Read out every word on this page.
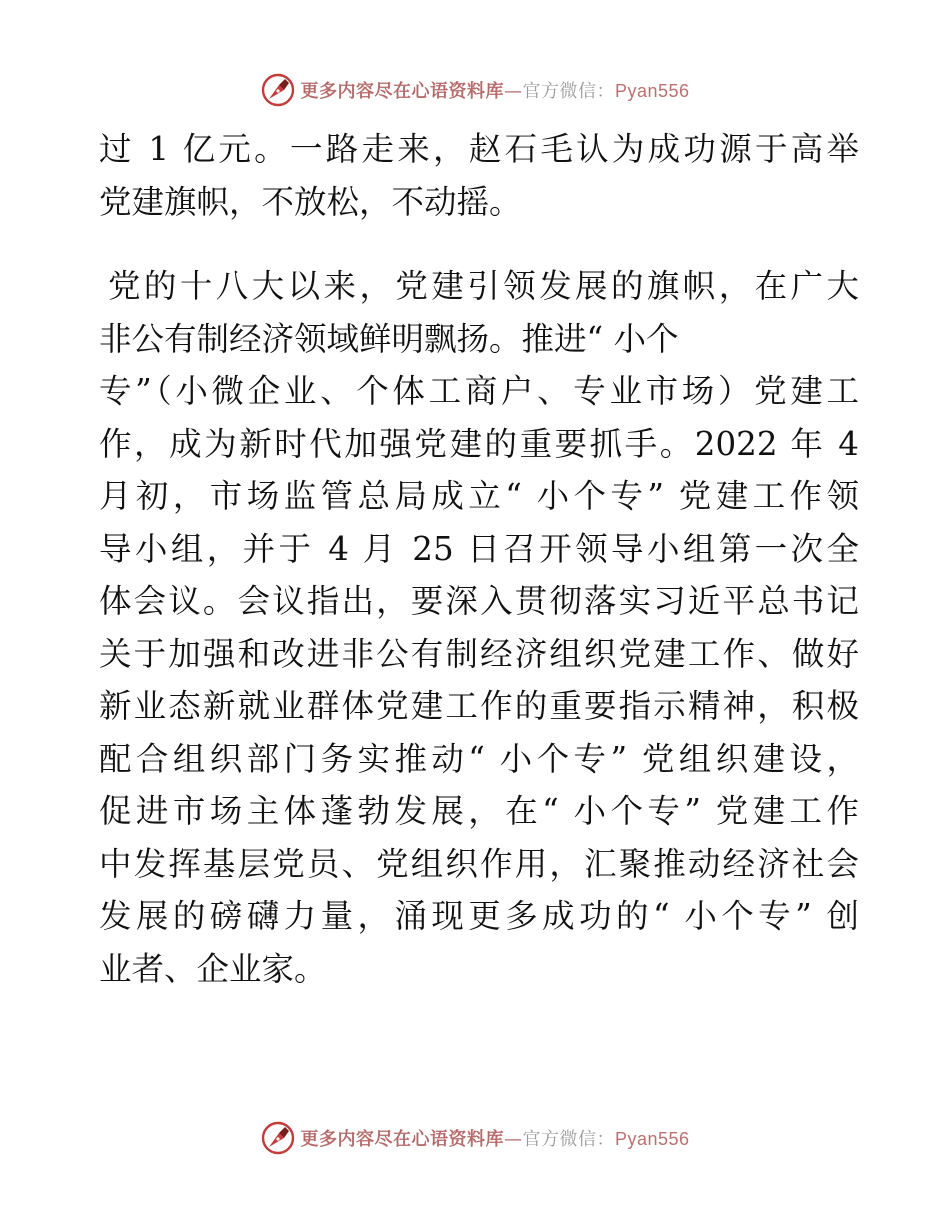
更多内容尽在心语资料库—官方微信：Pyan556
过 1 亿元。一路走来，赵石毛认为成功源于高举
党建旗帜，不放松，不动摇。
党的十八大以来，党建引领发展的旗帜，在广大
非公有制经济领域鲜明飘扬。推进“ 小个
专”（小微企业、个体工商户、专业市场）党建工
作，成为新时代加强党建的重要抓手。2022 年 4
月初，市场监管总局成立“ 小个专” 党建工作领
导小组，并于 4 月 25 日召开领导小组第一次全
体会议。会议指出，要深入贯彻落实习近平总书记
关于加强和改进非公有制经济组织党建工作、做好
新业态新就业群体党建工作的重要指示精神，积极
配合组织部门务实推动“ 小个专” 党组织建设，
促进市场主体蓬勃发展，在“ 小个专” 党建工作
中发挥基层党员、党组织作用，汇聚推动经济社会
发展的磅礴力量，涌现更多成功的“ 小个专” 创
业者、企业家。
更多内容尽在心语资料库—官方微信：Pyan556
